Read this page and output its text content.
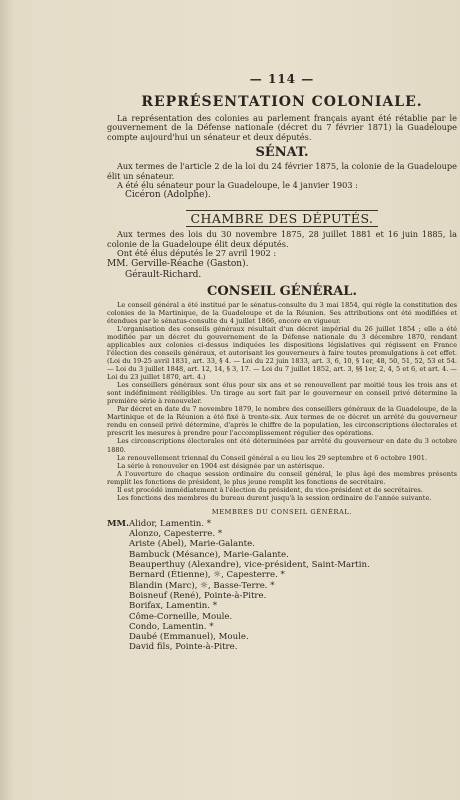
— 114 —
REPRÉSENTATION COLONIALE.

La représentation des colonies au parlement français ayant été rétablie par le gouvernement de la Défense nationale (décret du 7 février 1871) la Guadeloupe compte aujourd'hui un sénateur et deux députés.

SÉNAT.

Aux termes de l'article 2 de la loi du 24 février 1875, la colonie de la Guadeloupe élit un sénateur.

A été élu sénateur pour la Guadeloupe, le 4 janvier 1903 :

Cicéron (Adolphe).
CHAMBRE DES DÉPUTÉS.

Aux termes des lois du 30 novembre 1875, 28 juillet 1881 et 16 juin 1885, la colonie de la Guadeloupe élit deux députés.

Ont été élus députés le 27 avril 1902 :

MM. Gerville-Réache (Gaston).
Gérault-Richard.
CONSEIL GÉNÉRAL.

Le conseil général a été institué par le sénatus-consulte du 3 mai 1854, qui régle la constitution des colonies de la Martinique, de la Guadeloupe et de la Réunion. Ses attributions ont été modifiées et étendues par le sénatus-consulte du 4 juillet 1866, encore en vigueur.

L'organisation des conseils généraux résultait d'un décret impérial du 26 juillet 1854 ; elle a été modifiée par un décret du gouvernement de la Défense nationale du 3 décembre 1870, rendant applicables aux colonies ci-dessus indiquées les dispositions législatives qui régissent en France l'élection des conseils généraux, et autorisant les gouverneurs à faire toutes promulgations à cet effet. (Loi du 19-25 avril 1831, art. 33, § 4. — Loi du 22 juin 1833, art. 3, 6, 10, § 1er, 48, 50, 51, 52, 53 et 54. — Loi du 3 juillet 1848, art. 12, 14, § 3, 17. — Loi du 7 juillet 1852, art. 3, §§ 1er, 2, 4, 5 et 6, et art. 4. — Loi du 23 juillet 1870, art. 4.)

Les conseillers généraux sont élus pour six ans et se renouvellent par moitié tous les trois ans et sont indéfiniment rééligibles. Un tirage au sort fait par le gouverneur en conseil privé détermine la première série à renouveler.

Par décret en date du 7 novembre 1879, le nombre des conseillers généraux de la Guadeloupe, de la Martinique et de la Réunion a été fixé à trente-six. Aux termes de ce décret un arrêté du gouverneur rendu en conseil privé détermine, d'après le chiffre de la population, les circonscriptions électorales et prescrit les mesures à prendre pour l'accomplissement régulier des opérations.

Les circonscriptions électorales ont été déterminées par arrêté du gouverneur en date du 3 octobre 1880.

Le renouvellement triennal du Conseil général a eu lieu les 29 septembre et 6 octobre 1901.

La série à renouveler en 1904 est désignée par un astérisque.

A l'ouverture de chaque session ordinaire du conseil général, le plus âgé des membres présents remplit les fonctions de président, le plus jeune remplit les fonctions de secrétaire.

Il est procédé immédiatement à l'élection du président, du vice-président et de secrétaires.

Les fonctions des membres du bureau durent jusqu'à la session ordinaire de l'année suivante.

MEMBRES DU CONSEIL GÉNÉRAL.
MM.Alidor, Lamentin. *
Alonzo, Capesterre. *
Ariste (Abel), Marie-Galante.
Bambuck (Mésance), Marie-Galante.
Beauperthuy (Alexandre), vice-président, Saint-Martin.
Bernard (Étienne), ☼, Capesterre. *
Blandin (Marc), ☼, Basse-Terre. *
Boisneuf (René), Pointe-à-Pitre.
Borifax, Lamentin. *
Côme-Corneille, Moule.
Condo, Lamentin. *
Daubé (Emmanuel), Moule.
David fils, Pointe-à-Pitre.
